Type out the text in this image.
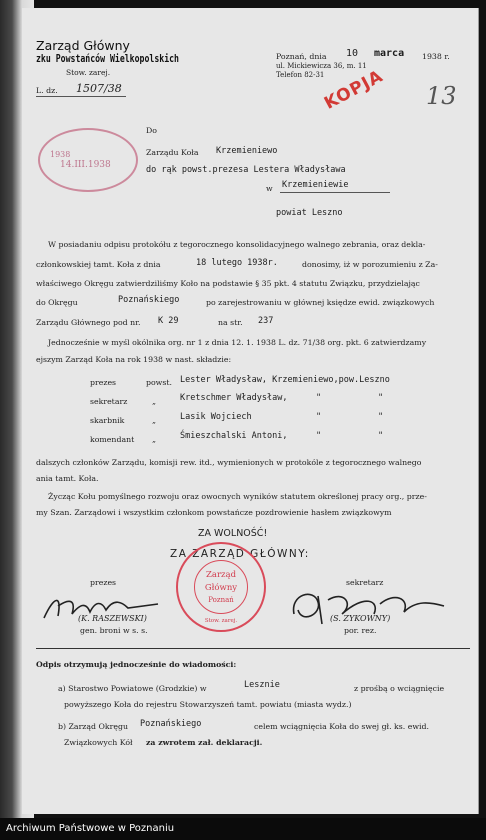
Zarząd Główny
zku Powstańców Wielkopolskich
Stow. zarej.
L. dz. 1507/38
Poznań, dnia 10 marca 1938 r.
ul. Mickiewicza 36, m. 11
Telefon 82-31
KOPJA 13
1938
14.III.1938
Do
Zarządu Koła Krzemieniewo
do rąk powst.prezesa Lestera Władysława
w Krzemieniewie
powiat Leszno
W posiadaniu odpisu protokółu z tegorocznego konsolidacyjnego walnego zebrania, oraz dekla-
członkowskiej tamt. Koła z dnia	18 lutego 1938r.	donosimy, iż w porozumieniu z Za-
właściwego Okręgu zatwierdziliśmy Koło na podstawie § 35 pkt. 4 statutu Związku, przydzielając
do Okręgu	Poznańskiego	po zarejestrowaniu w głównej księdze ewid. związkowych
Zarządu Głównego pod nr. K 29	na str. 237
Jednocześnie w myśl okólnika org. nr 1 z dnia 12. 1. 1938 L. dz. 71/38 org. pkt. 6 zatwierdzamy
ejszym Zarząd Koła na rok 1938 w nast. składzie:
prezes	powst. Lester Władysław, Krzemieniewo,pow.Leszno
sekretarz	„	Kretschmer Władysław,	"	"
skarbnik	„	Lasik Wojciech	"	"
komendant „	Śmieszchalski Antoni,	"	"
dalszych członków Zarządu, komisji rew. itd., wymienionych w protokóle z tegorocznego walnego
ania tamt. Koła.
Życząc Kołu pomyślnego rozwoju oraz owocnych wyników statutem określonej pracy org., prze-
my Szan. Zarządowi i wszystkim członkom powstańcze pozdrowienie hasłem związkowym
ZA WOLNOŚĆ!
ZA ZARZĄD GŁÓWNY:
Zarząd
Główny
Poznań
Stow. zarej.
prezes
(K. RASZEWSKI)
gen. broni w s. s.
sekretarz
(S. ZYKOWNY)
por. rez.
Odpis otrzymują jednocześnie do wiadomości:
a) Starostwo Powiatowe (Grodzkie) w	Lesznie	z prośbą o wciągnięcie
powyższego Koła do rejestru Stowarzyszeń tamt. powiatu (miasta wydz.)
b) Zarząd Okręgu Poznańskiego	celem wciągnięcia Koła do swej gł. ks. ewid.
Związkowych Kół za zwrotem zał. deklaracji.
Archiwum Państwowe w Poznaniu
